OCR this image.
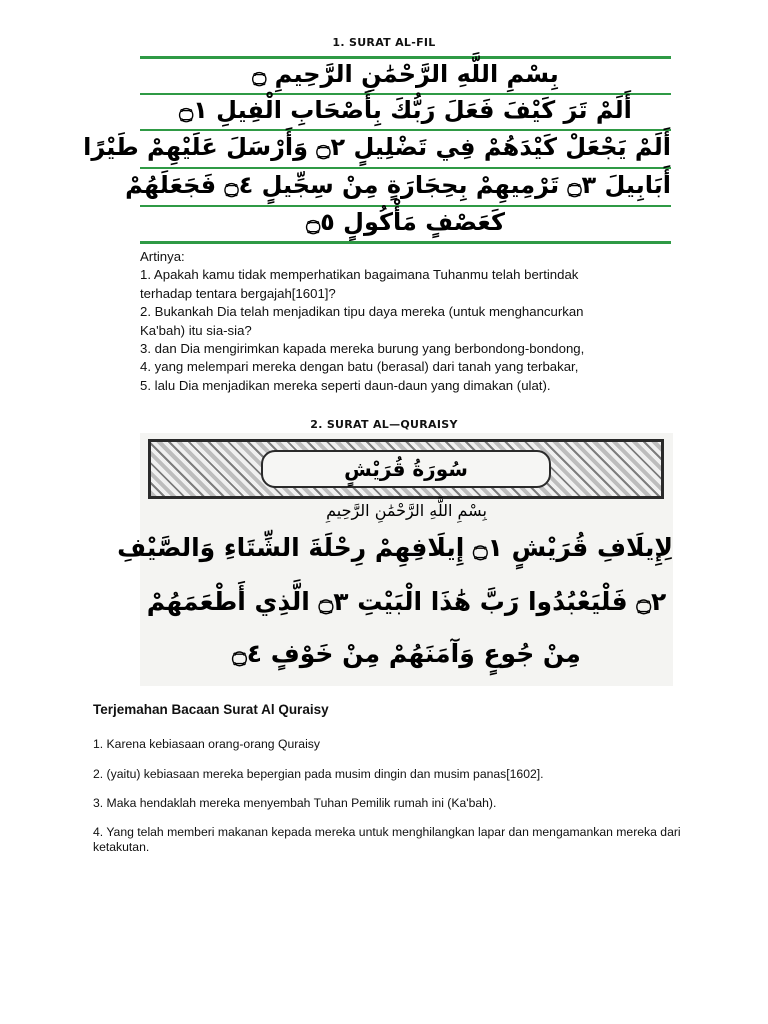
1. SURAT AL-FIL
بِسْمِ اللَّهِ الرَّحْمَٰنِ الرَّحِيمِ ۝
أَلَمْ تَرَ كَيْفَ فَعَلَ رَبُّكَ بِأَصْحَابِ الْفِيلِ ۝١
أَلَمْ يَجْعَلْ كَيْدَهُمْ فِي تَضْلِيلٍ ۝٢ وَأَرْسَلَ عَلَيْهِمْ طَيْرًا
أَبَابِيلَ ۝٣ تَرْمِيهِمْ بِحِجَارَةٍ مِنْ سِجِّيلٍ ۝٤ فَجَعَلَهُمْ
كَعَصْفٍ مَأْكُولٍ ۝٥
Artinya:
1. Apakah kamu tidak memperhatikan bagaimana Tuhanmu telah bertindak
terhadap tentara bergajah[1601]?
2. Bukankah Dia telah menjadikan tipu daya mereka (untuk menghancurkan
Ka'bah) itu sia-sia?
3. dan Dia mengirimkan kapada mereka burung yang berbondong-bondong,
4. yang melempari mereka dengan batu (berasal) dari tanah yang terbakar,
5. lalu Dia menjadikan mereka seperti daun-daun yang dimakan (ulat).
2. SURAT AL—QURAISY
سُورَةُ قُرَيْشٍ
بِسْمِ اللَّهِ الرَّحْمَٰنِ الرَّحِيمِ
لِإِيلَافِ قُرَيْشٍ ۝١ إِيلَافِهِمْ رِحْلَةَ الشِّتَاءِ وَالصَّيْفِ
۝٢ فَلْيَعْبُدُوا رَبَّ هَٰذَا الْبَيْتِ ۝٣ الَّذِي أَطْعَمَهُمْ
مِنْ جُوعٍ وَآمَنَهُمْ مِنْ خَوْفٍ ۝٤
Terjemahan Bacaan Surat Al Quraisy
1. Karena kebiasaan orang-orang Quraisy
2. (yaitu) kebiasaan mereka bepergian pada musim dingin dan musim panas[1602].
3. Maka hendaklah mereka menyembah Tuhan Pemilik rumah ini (Ka'bah).
4. Yang telah memberi makanan kepada mereka untuk menghilangkan lapar dan mengamankan mereka dari ketakutan.
